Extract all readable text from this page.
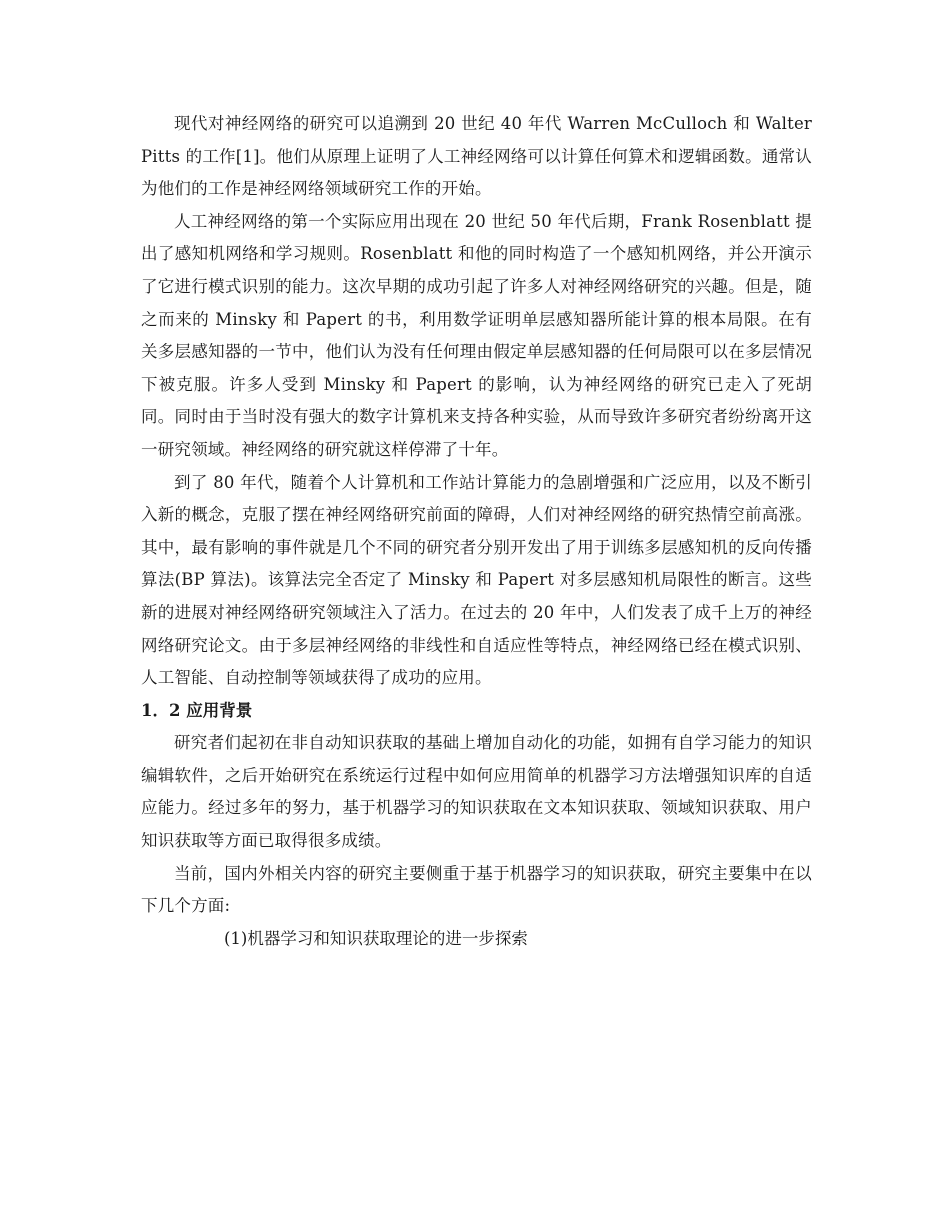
现代对神经网络的研究可以追溯到 20 世纪 40 年代 Warren McCulloch 和 Walter Pitts 的工作[1]。他们从原理上证明了人工神经网络可以计算任何算术和逻辑函数。通常认为他们的工作是神经网络领域研究工作的开始。

人工神经网络的第一个实际应用出现在 20 世纪 50 年代后期，Frank Rosenblatt 提出了感知机网络和学习规则。Rosenblatt 和他的同时构造了一个感知机网络，并公开演示了它进行模式识别的能力。这次早期的成功引起了许多人对神经网络研究的兴趣。但是，随之而来的 Minsky 和 Papert 的书，利用数学证明单层感知器所能计算的根本局限。在有关多层感知器的一节中，他们认为没有任何理由假定单层感知器的任何局限可以在多层情况下被克服。许多人受到 Minsky 和 Papert 的影响，认为神经网络的研究已走入了死胡同。同时由于当时没有强大的数字计算机来支持各种实验，从而导致许多研究者纷纷离开这一研究领域。神经网络的研究就这样停滞了十年。

到了 80 年代，随着个人计算机和工作站计算能力的急剧增强和广泛应用，以及不断引入新的概念，克服了摆在神经网络研究前面的障碍，人们对神经网络的研究热情空前高涨。其中，最有影响的事件就是几个不同的研究者分别开发出了用于训练多层感知机的反向传播算法(BP 算法)。该算法完全否定了 Minsky 和 Papert 对多层感知机局限性的断言。这些新的进展对神经网络研究领域注入了活力。在过去的 20 年中，人们发表了成千上万的神经网络研究论文。由于多层神经网络的非线性和自适应性等特点，神经网络已经在模式识别、人工智能、自动控制等领域获得了成功的应用。

1．2 应用背景

研究者们起初在非自动知识获取的基础上增加自动化的功能，如拥有自学习能力的知识编辑软件，之后开始研究在系统运行过程中如何应用简单的机器学习方法增强知识库的自适应能力。经过多年的努力，基于机器学习的知识获取在文本知识获取、领域知识获取、用户知识获取等方面已取得很多成绩。

当前，国内外相关内容的研究主要侧重于基于机器学习的知识获取，研究主要集中在以下几个方面:

(1)机器学习和知识获取理论的进一步探索
